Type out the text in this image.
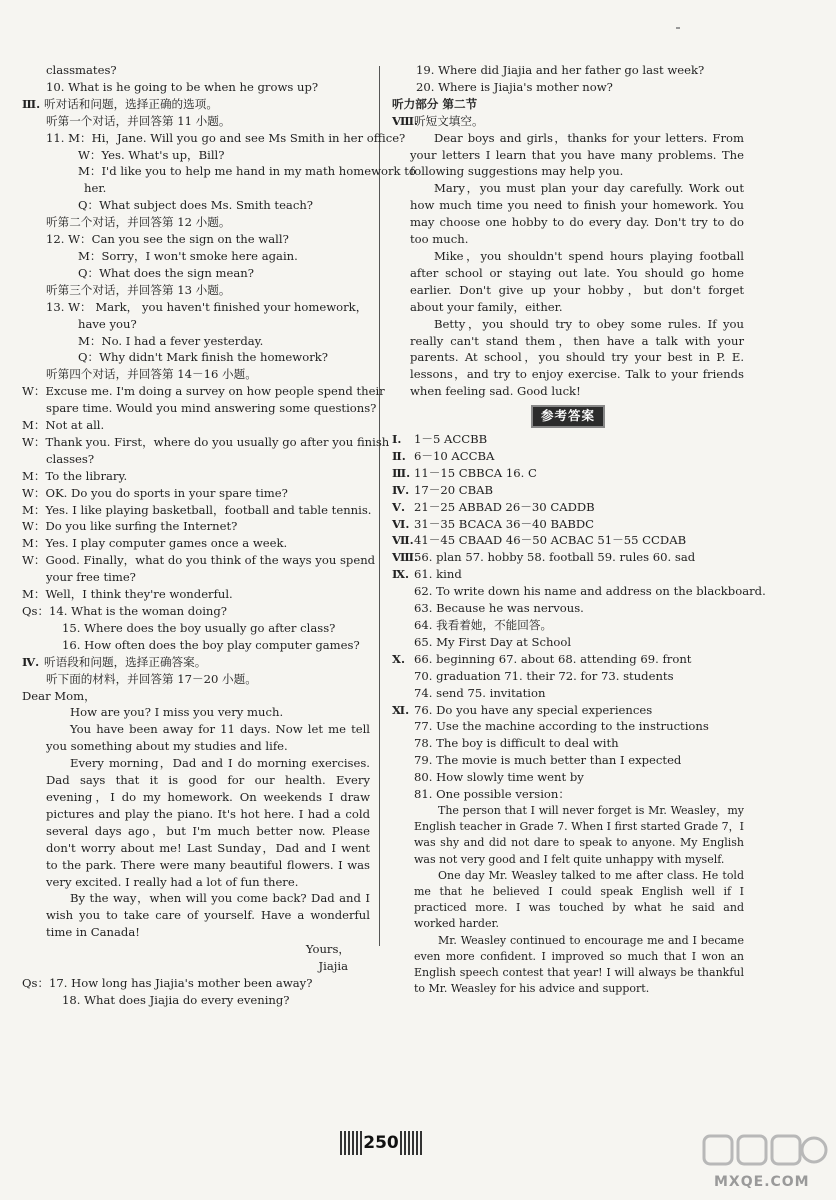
classmates?
10. What is he going to be when he grows up?
Ⅲ. 听对话和问题，选择正确的选项。
听第一个对话，并回答第 11 小题。
11. M：Hi，Jane. Will you go and see Ms Smith in her office?
W：Yes. What's up，Bill?
M：I'd like you to help me hand in my math homework to
her.
Q：What subject does Ms. Smith teach?
听第二个对话，并回答第 12 小题。
12. W：Can you see the sign on the wall?
M：Sorry，I won't smoke here again.
Q：What does the sign mean?
听第三个对话，并回答第 13 小题。
13. W： Mark， you haven't finished your homework，
have you?
M：No. I had a fever yesterday.
Q：Why didn't Mark finish the homework?
听第四个对话，并回答第 14－16 小题。
W：Excuse me. I'm doing a survey on how people spend their
spare time. Would you mind answering some questions?
M：Not at all.
W：Thank you. First，where do you usually go after you finish
classes?
M：To the library.
W：OK. Do you do sports in your spare time?
M：Yes. I like playing basketball，football and table tennis.
W：Do you like surfing the Internet?
M：Yes. I play computer games once a week.
W：Good. Finally，what do you think of the ways you spend
your free time?
M：Well，I think they're wonderful.
Qs：14. What is the woman doing?
15. Where does the boy usually go after class?
16. How often does the boy play computer games?
Ⅳ. 听语段和问题，选择正确答案。
听下面的材料，并回答第 17－20 小题。
Dear Mom，
How are you? I miss you very much.
You have been away for 11 days. Now let me tell you something about my studies and life.
Every morning，Dad and I do morning exercises. Dad says that it is good for our health. Every evening，I do my homework. On weekends I draw pictures and play the piano. It's hot here. I had a cold several days ago，but I'm much better now. Please don't worry about me! Last Sunday，Dad and I went to the park. There were many beautiful flowers. I was very excited. I really had a lot of fun there.
By the way，when will you come back? Dad and I wish you to take care of yourself. Have a wonderful time in Canada!
Yours，
Jiajia
Qs：17. How long has Jiajia's mother been away?
18. What does Jiajia do every evening?
19. Where did Jiajia and her father go last week?
20. Where is Jiajia's mother now?
听力部分 第二节
Ⅷ.听短文填空。
Dear boys and girls，thanks for your letters. From your letters I learn that you have many problems. The following suggestions may help you.
Mary，you must plan your day carefully. Work out how much time you need to finish your homework. You may choose one hobby to do every day. Don't try to do too much.
Mike，you shouldn't spend hours playing football after school or staying out late. You should go home earlier. Don't give up your hobby，but don't forget about your family，either.
Betty，you should try to obey some rules. If you really can't stand them，then have a talk with your parents. At school，you should try your best in P. E. lessons，and try to enjoy exercise. Talk to your friends when feeling sad. Good luck!
参考答案
Ⅰ. 1－5 ACCBB
Ⅱ. 6－10 ACCBA
Ⅲ. 11－15 CBBCA 16. C
Ⅳ. 17－20 CBAB
Ⅴ. 21－25 ABBAD 26－30 CADDB
Ⅵ. 31－35 BCACA 36－40 BABDC
Ⅶ.41－45 CBAAD 46－50 ACBAC 51－55 CCDAB
Ⅷ.56. plan 57. hobby 58. football 59. rules 60. sad
Ⅸ. 61. kind
62. To write down his name and address on the blackboard.
63. Because he was nervous.
64. 我看着她，不能回答。
65. My First Day at School
Ⅹ. 66. beginning 67. about 68. attending 69. front
70. graduation 71. their 72. for 73. students
74. send 75. invitation
Ⅺ. 76. Do you have any special experiences
77. Use the machine according to the instructions
78. The boy is difficult to deal with
79. The movie is much better than I expected
80. How slowly time went by
81. One possible version：

The person that I will never forget is Mr. Weasley，my English teacher in Grade 7. When I first started Grade 7，I was shy and did not dare to speak to anyone. My English was not very good and I felt quite unhappy with myself.

One day Mr. Weasley talked to me after class. He told me that he believed I could speak English well if I practiced more. I was touched by what he said and worked harder.

Mr. Weasley continued to encourage me and I became even more confident. I improved so much that I won an English speech contest that year! I will always be thankful to Mr. Weasley for his advice and support.

250
MXQE.COM
